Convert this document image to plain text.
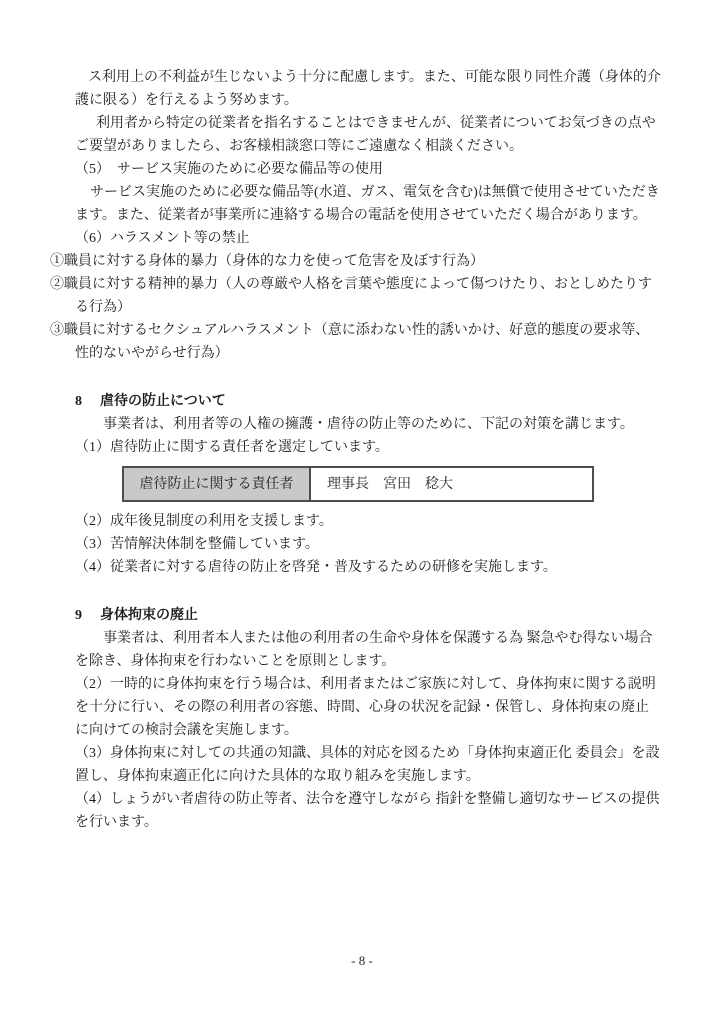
ス利用上の不利益が生じないよう十分に配慮します。また、可能な限り同性介護（身体的介護に限る）を行えるよう努めます。

利用者から特定の従業者を指名することはできませんが、従業者についてお気づきの点やご要望がありましたら、お客様相談窓口等にご遠慮なく相談ください。

（5）　サービス実施のために必要な備品等の使用

サービス実施のために必要な備品等(水道、ガス、電気を含む)は無償で使用させていただきます。また、従業者が事業所に連絡する場合の電話を使用させていただく場合があります。

（6）ハラスメント等の禁止

①職員に対する身体的暴力（身体的な力を使って危害を及ぼす行為）

②職員に対する精神的暴力（人の尊厳や人格を言葉や態度によって傷つけたり、おとしめたりする行為）

③職員に対するセクシュアルハラスメント（意に添わない性的誘いかけ、好意的態度の要求等、性的ないやがらせ行為）

8	虐待の防止について

事業者は、利用者等の人権の擁護・虐待の防止等のために、下記の対策を講じます。

（1）虐待防止に関する責任者を選定しています。

虐待防止に関する責任者	理事長　宮田　稔大

（2）成年後見制度の利用を支援します。

（3）苦情解決体制を整備しています。

（4）従業者に対する虐待の防止を啓発・普及するための研修を実施します。

9	身体拘束の廃止

事業者は、利用者本人または他の利用者の生命や身体を保護する為 緊急やむ得ない場合を除き、身体拘束を行わないことを原則とします。

（2）一時的に身体拘束を行う場合は、利用者またはご家族に対して、身体拘束に関する説明を十分に行い、その際の利用者の容態、時間、心身の状況を記録・保管し、身体拘束の廃止に向けての検討会議を実施します。

（3）身体拘束に対しての共通の知識、具体的対応を図るため「身体拘束適正化 委員会」を設置し、身体拘束適正化に向けた具体的な取り組みを実施します。

（4）しょうがい者虐待の防止等者、法令を遵守しながら 指針を整備し適切なサービスの提供を行います。

- 8 -
